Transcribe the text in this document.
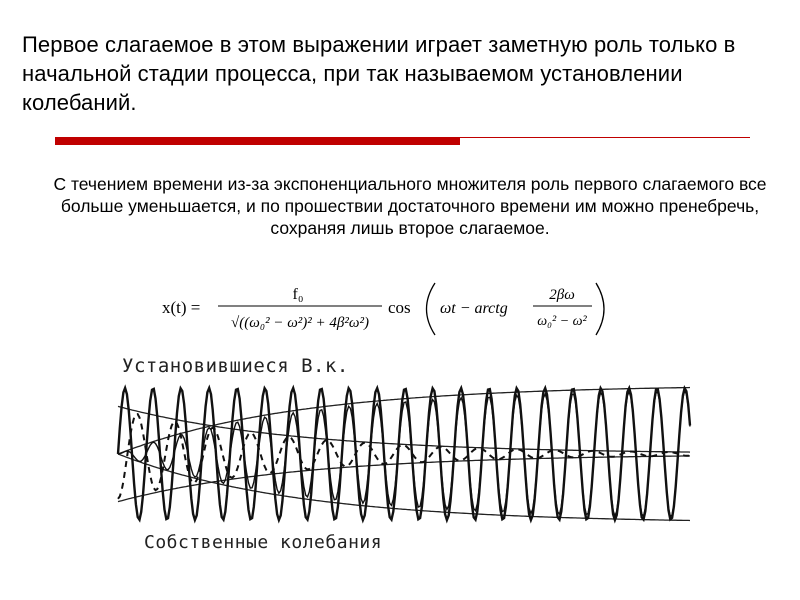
Первое слагаемое в этом выражении играет заметную роль только в начальной стадии процесса, при так называемом установлении колебаний.

С течением времени из-за экспоненциального множителя роль первого слагаемого все больше уменьшается, и по прошествии достаточного времени им можно пренебречь, сохраняя лишь второе слагаемое.

x(t) =
f₀
√((ω₀² − ω²)² + 4β²ω²)
cos ωt − arctg
2βω
ω₀² − ω²
Установившиеся В.к.
Собственные колебания
